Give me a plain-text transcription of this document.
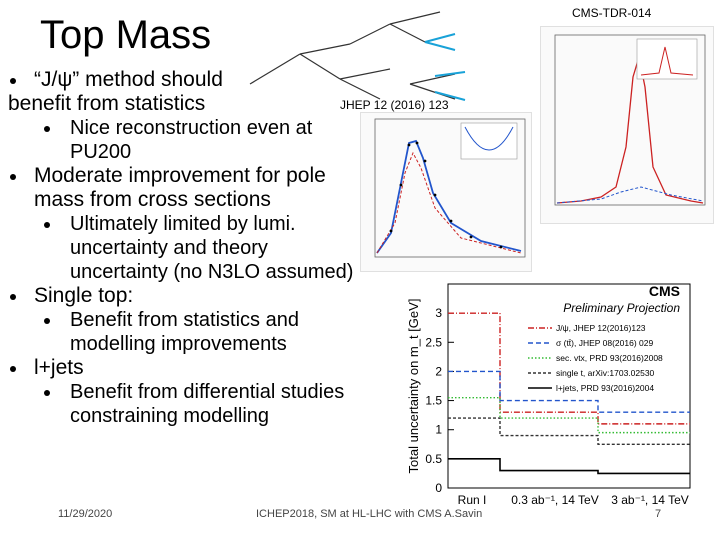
Top Mass	CMS-TDR-014
JHEP 12 (2016) 123
“J/ψ” method should
benefit from statistics
Nice reconstruction even at
PU200
Moderate improvement for pole
mass from cross sections
Ultimately limited by lumi.
uncertainty and theory
uncertainty (no N3LO assumed)
Single top:
Benefit from statistics and
modelling improvements
l+jets
Benefit from differential studies
constraining modelling
0
0.5
1
1.5
2
2.5
3
Total uncertainty on m_t [GeV]
Run I 0.3 ab⁻¹, 14 TeV 3 ab⁻¹, 14 TeV
CMS
Preliminary Projection
J/ψ, JHEP 12(2016)123
σ (tt̄), JHEP 08(2016) 029
sec. vtx, PRD 93(2016)2008
single t, arXiv:1703.02530
l+jets, PRD 93(2016)2004
11/29/2020	ICHEP2018, SM at HL-LHC with CMS A.Savin	7
